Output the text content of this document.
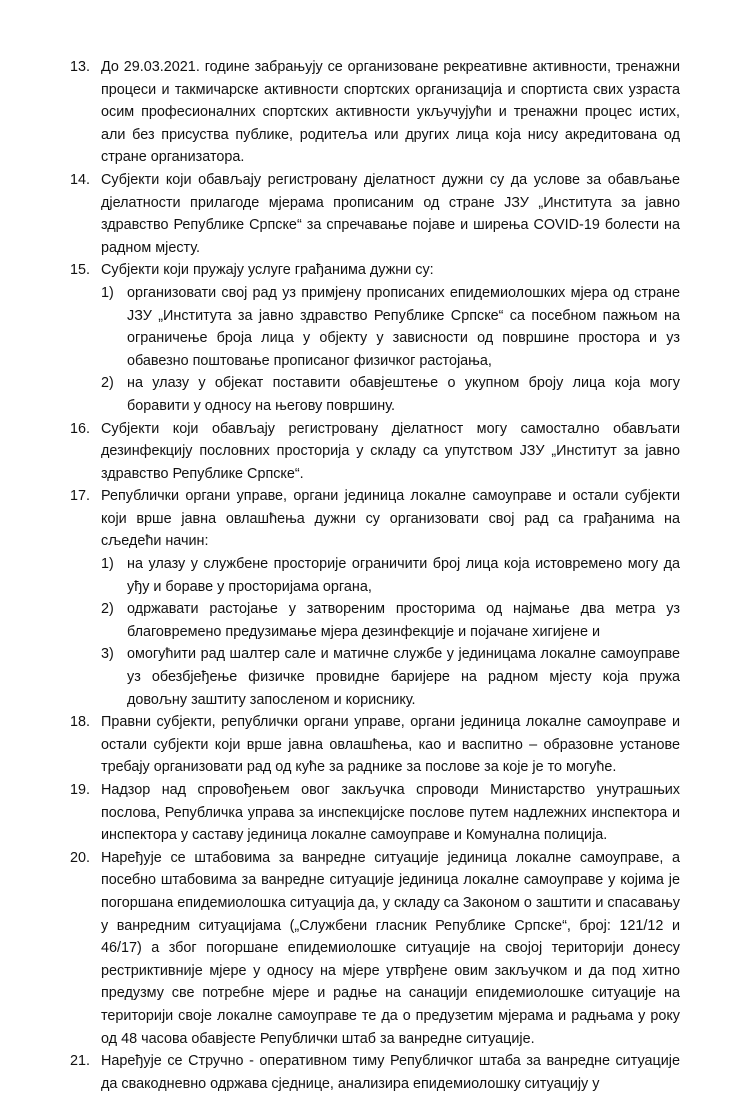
13. До 29.03.2021. године забрањују се организоване рекреативне активности, тренажни процеси и такмичарске активности спортских организација и спортиста свих узраста осим професионалних спортских активности укључујући и тренажни процес истих, али без присуства публике, родитеља или других лица која нису акредитована од стране организатора.
14. Субјекти који обављају регистровану дјелатност дужни су да услове за обављање дјелатности прилагоде мјерама прописаним од стране ЈЗУ „Института за јавно здравство Републике Српске“ за спречавање појаве и ширења COVID-19 болести на радном мјесту.
15. Субјекти који пружају услуге грађанима дужни су:
1) организовати свој рад уз примјену прописаних епидемиолошких мјера од стране ЈЗУ „Института за јавно здравство Републике Српске“ са посебном пажњом на ограничење броја лица у објекту у зависности од површине простора и уз обавезно поштовање прописаног физичког растојања,
2) на улазу у објекат поставити обавјештење о укупном броју лица која могу боравити у односу на његову површину.
16. Субјекти који обављају регистровану дјелатност могу самостално обављати дезинфекцију пословних просторија у складу са упутством ЈЗУ „Институт за јавно здравство Републике Српске“.
17. Републички органи управе, органи јединица локалне самоуправе и остали субјекти који врше јавна овлашћења дужни су организовати свој рад са грађанима на сљедећи начин:
1) на улазу у службене просторије ограничити број лица која истовремено могу да уђу и бораве у просторијама органа,
2) одржавати растојање у затвореним просторима од најмање два метра уз благовремено предузимање мјера дезинфекције и појачане хигијене и
3) омогућити рад шалтер сале и матичне службе у јединицама локалне самоуправе уз обезбјеђење физичке провидне баријере на радном мјесту која пружа довољну заштиту запосленом и кориснику.
18. Правни субјекти, републички органи управе, органи јединица локалне самоуправе и остали субјекти који врше јавна овлашћења, као и васпитно – образовне установе требају организовати рад од куће за раднике за послове за које је то могуће.
19. Надзор над спровођењем овог закључка спроводи Министарство унутрашњих послова, Републичка управа за инспекцијске послове путем надлежних инспектора и инспектора у саставу јединица локалне самоуправе и Комунална полиција.
20. Наређује се штабовима за ванредне ситуације јединица локалне самоуправе, а посебно штабовима за ванредне ситуације јединица локалне самоуправе у којима је погоршана епидемиолошка ситуација да, у складу са Законом о заштити и спасавању у ванредним ситуацијама („Службени гласник Републике Српске“, број: 121/12 и 46/17) а због погоршане епидемиолошке ситуације на својој територији донесу рестриктивније мјере у односу на мјере утврђене овим закључком и да под хитно предузму све потребне мјере и радње на санацији епидемиолошке ситуације на територији своје локалне самоуправе те да о предузетим мјерама и радњама у року од 48 часова обавјесте Републички штаб за ванредне ситуације.
21. Наређује се Стручно - оперативном тиму Републичког штаба за ванредне ситуације да свакодневно одржава сједнице, анализира епидемиолошку ситуацију у
